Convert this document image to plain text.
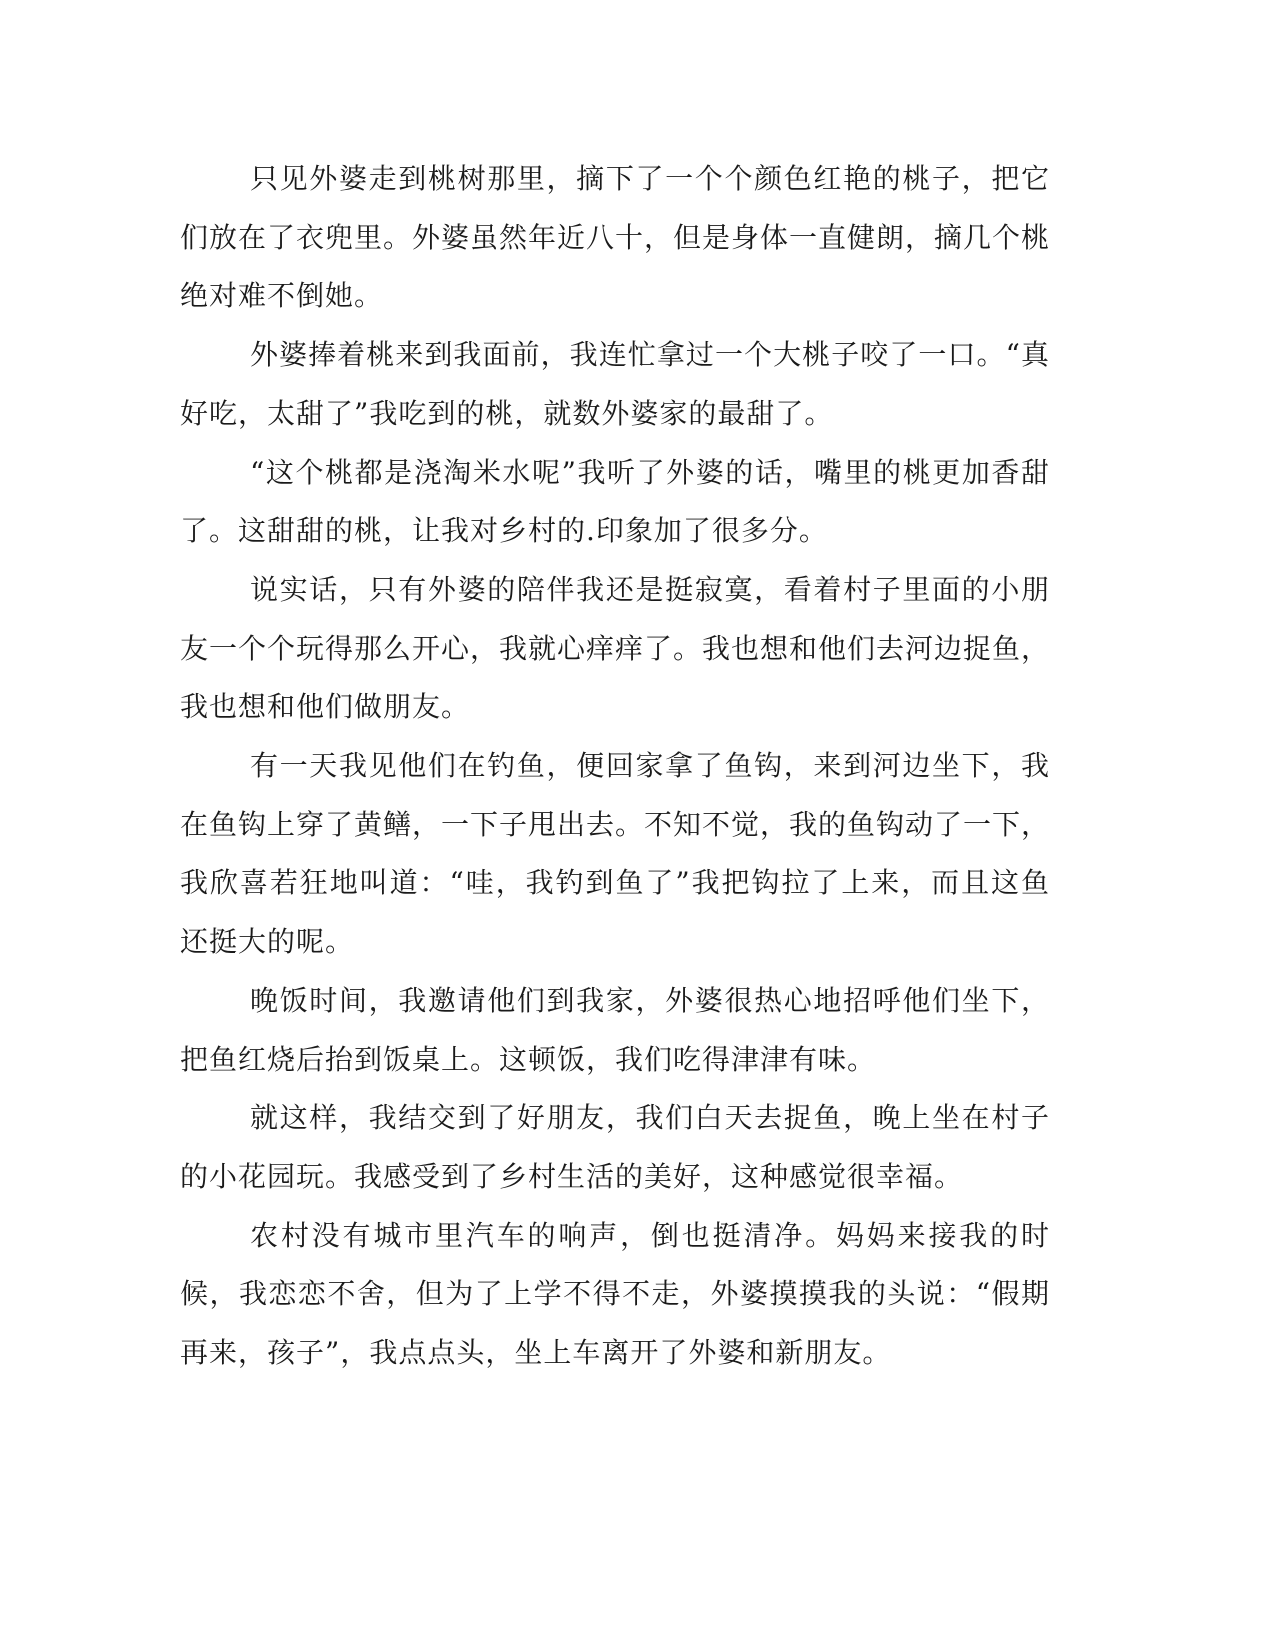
只见外婆走到桃树那里，摘下了一个个颜色红艳的桃子，把它们放在了衣兜里。外婆虽然年近八十，但是身体一直健朗，摘几个桃绝对难不倒她。

外婆捧着桃来到我面前，我连忙拿过一个大桃子咬了一口。“真好吃，太甜了”我吃到的桃，就数外婆家的最甜了。

“这个桃都是浇淘米水呢”我听了外婆的话，嘴里的桃更加香甜了。这甜甜的桃，让我对乡村的.印象加了很多分。

说实话，只有外婆的陪伴我还是挺寂寞，看着村子里面的小朋友一个个玩得那么开心，我就心痒痒了。我也想和他们去河边捉鱼，我也想和他们做朋友。

有一天我见他们在钓鱼，便回家拿了鱼钩，来到河边坐下，我在鱼钩上穿了黄鳝，一下子甩出去。不知不觉，我的鱼钩动了一下，我欣喜若狂地叫道：“哇，我钓到鱼了”我把钩拉了上来，而且这鱼还挺大的呢。

晚饭时间，我邀请他们到我家，外婆很热心地招呼他们坐下，把鱼红烧后抬到饭桌上。这顿饭，我们吃得津津有味。

就这样，我结交到了好朋友，我们白天去捉鱼，晚上坐在村子的小花园玩。我感受到了乡村生活的美好，这种感觉很幸福。

农村没有城市里汽车的响声，倒也挺清净。妈妈来接我的时候，我恋恋不舍，但为了上学不得不走，外婆摸摸我的头说：“假期再来，孩子”，我点点头，坐上车离开了外婆和新朋友。
